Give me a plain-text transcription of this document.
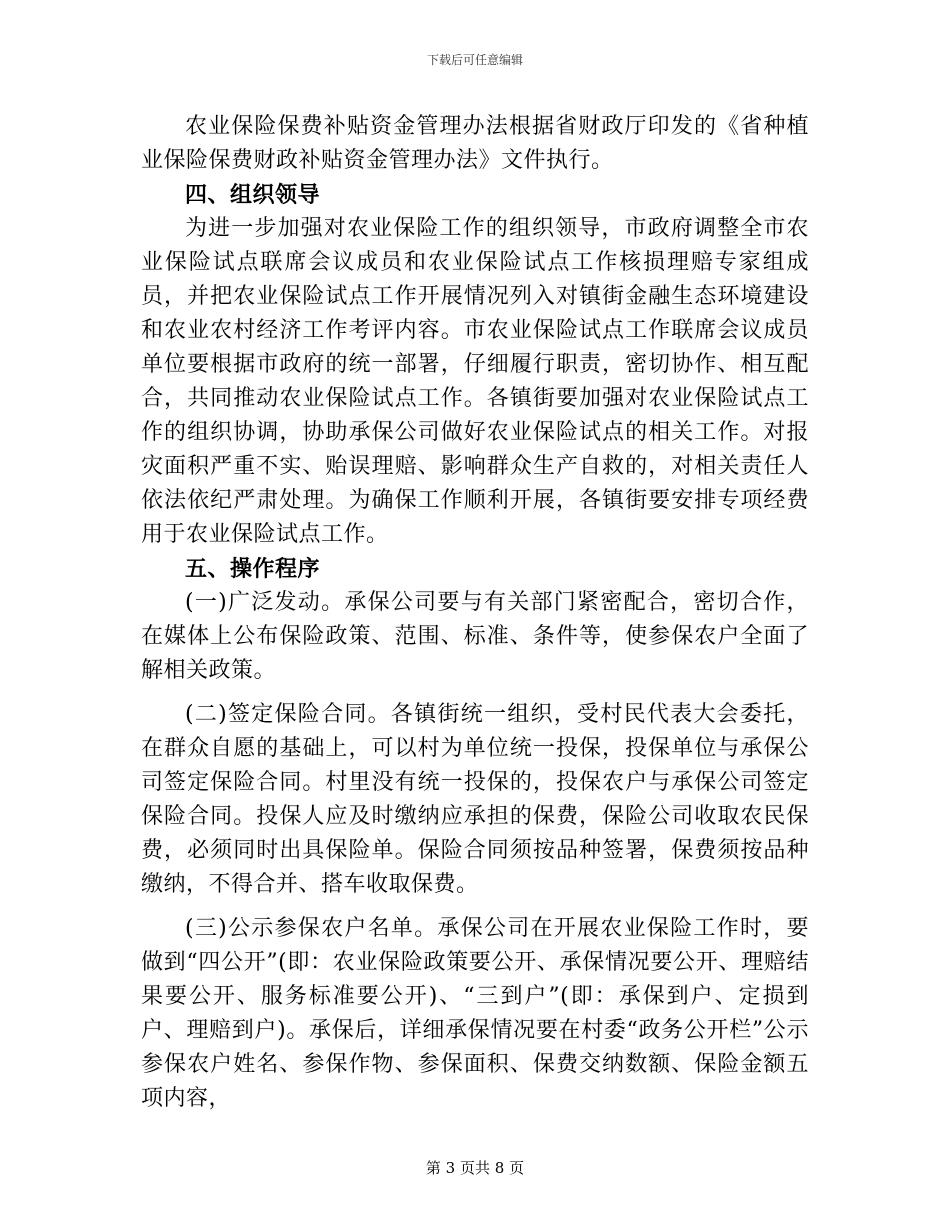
下载后可任意编辑

农业保险保费补贴资金管理办法根据省财政厅印发的《省种植业保险保费财政补贴资金管理办法》文件执行。

四、组织领导

为进一步加强对农业保险工作的组织领导，市政府调整全市农业保险试点联席会议成员和农业保险试点工作核损理赔专家组成员，并把农业保险试点工作开展情况列入对镇街金融生态环境建设和农业农村经济工作考评内容。市农业保险试点工作联席会议成员单位要根据市政府的统一部署，仔细履行职责，密切协作、相互配合，共同推动农业保险试点工作。各镇街要加强对农业保险试点工作的组织协调，协助承保公司做好农业保险试点的相关工作。对报灾面积严重不实、贻误理赔、影响群众生产自救的，对相关责任人依法依纪严肃处理。为确保工作顺利开展，各镇街要安排专项经费用于农业保险试点工作。

五、操作程序

(一)广泛发动。承保公司要与有关部门紧密配合，密切合作，在媒体上公布保险政策、范围、标准、条件等，使参保农户全面了解相关政策。

(二)签定保险合同。各镇街统一组织，受村民代表大会委托，在群众自愿的基础上，可以村为单位统一投保，投保单位与承保公司签定保险合同。村里没有统一投保的，投保农户与承保公司签定保险合同。投保人应及时缴纳应承担的保费，保险公司收取农民保费，必须同时出具保险单。保险合同须按品种签署，保费须按品种缴纳，不得合并、搭车收取保费。

(三)公示参保农户名单。承保公司在开展农业保险工作时，要做到“四公开”(即：农业保险政策要公开、承保情况要公开、理赔结果要公开、服务标准要公开)、“三到户”(即：承保到户、定损到户、理赔到户)。承保后，详细承保情况要在村委“政务公开栏”公示参保农户姓名、参保作物、参保面积、保费交纳数额、保险金额五项内容，

第 3 页共 8 页
